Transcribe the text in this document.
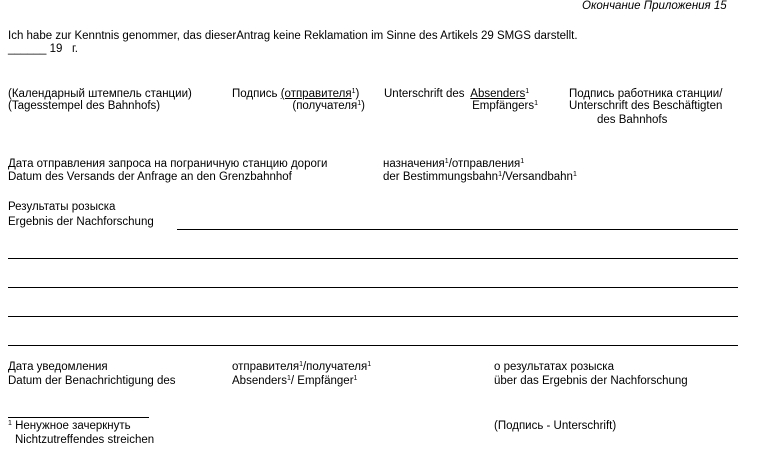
Окончание Приложения 15
Ich habe zur Kenntnis genommer, das dieserAntrag keine Reklamation im Sinne des Artikels 29 SMGS darstellt.
______ 19 г.
(Календарный штемпель станции)
(Tagesstempel des Bahnhofs)
Подпись (отправителя$^1$)
(получателя$^1$)
Unterschrift des Absenders$^1$
Empfängers$^1$
Подпись работника станции/
Unterschrift des Beschäftigten
des Bahnhofs
Дата отправления запроса на пограничную станцию дороги
Datum des Versands der Anfrage an den Grenzbahnhof
назначения$^1$/отправления$^1$
der Bestimmungsbahn$^1$/Versandbahn$^1$
Результаты розыска
Ergebnis der Nachforschung
Дата уведомления
Datum der Benachrichtigung des
отправителя$^1$/получателя$^1$
Absenders$^1$/ Empfänger$^1$
о результатах розыска
über das Ergebnis der Nachforschung
$^1$ Ненужное зачеркнуть
Nichtzutreffendes streichen
(Подпись - Unterschrift)
